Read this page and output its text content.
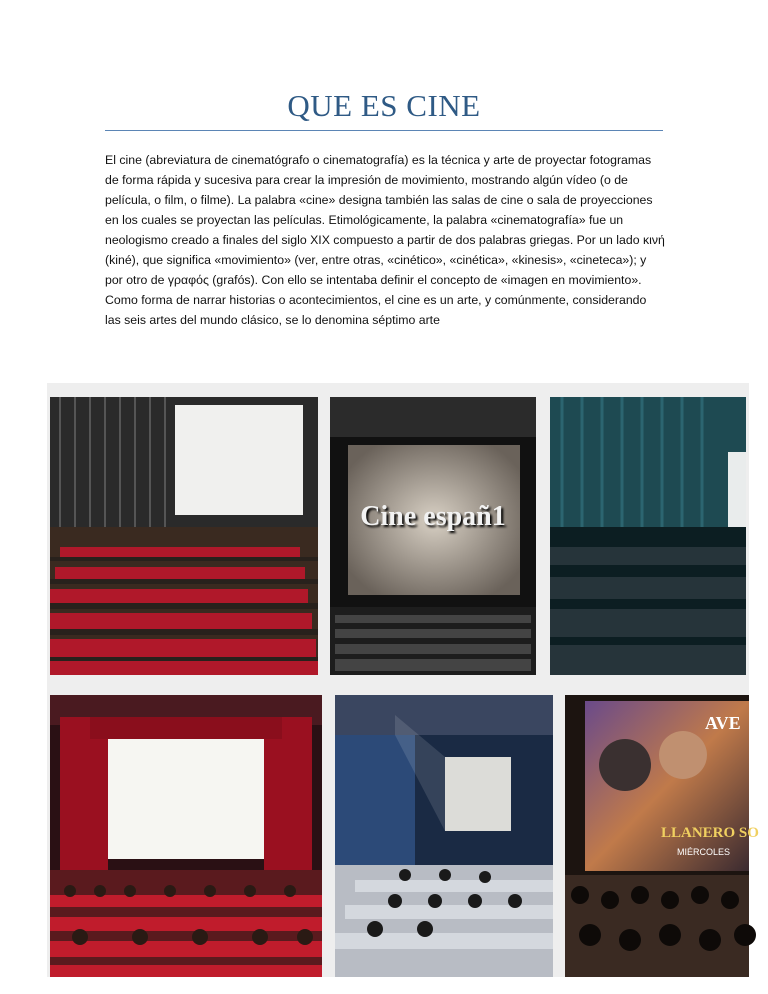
QUE ES CINE
El cine (abreviatura de cinematógrafo o cinematografía) es la técnica y arte de proyectar fotogramas de forma rápida y sucesiva para crear la impresión de movimiento, mostrando algún vídeo (o de película, o film, o filme). La palabra «cine» designa también las salas de cine o sala de proyecciones en los cuales se proyectan las películas. Etimológicamente, la palabra «cinematografía» fue un neologismo creado a finales del siglo XIX compuesto a partir de dos palabras griegas. Por un lado κινή (kiné), que significa «movimiento» (ver, entre otras, «cinético», «cinética», «kinesis», «cineteca»); y por otro de γραφός (grafós). Con ello se intentaba definir el concepto de «imagen en movimiento». Como forma de narrar historias o acontecimientos, el cine es un arte, y comúnmente, considerando las seis artes del mundo clásico, se lo denomina séptimo arte
Cine españ1
AVE
LLANERO SO
MIÉRCOLES
